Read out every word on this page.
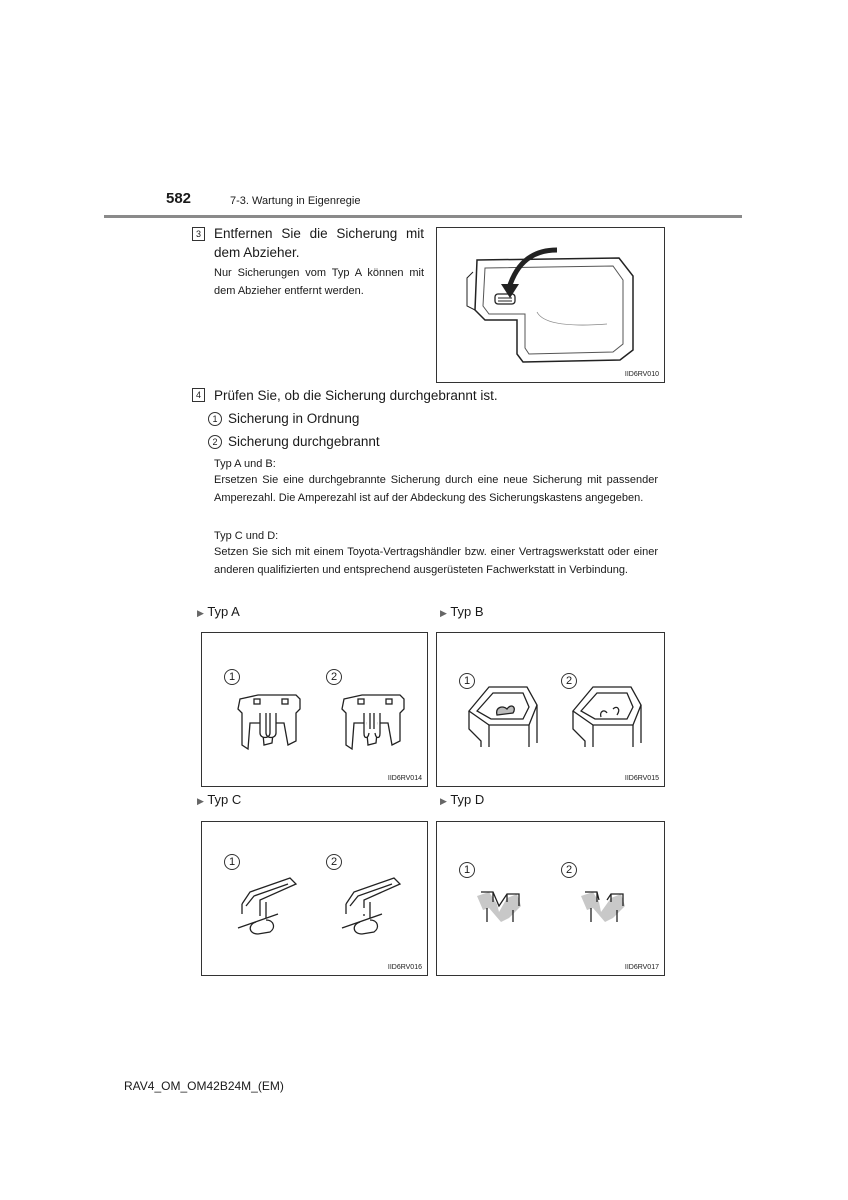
582	7-3. Wartung in Eigenregie
3 Entfernen Sie die Sicherung mit dem Abzieher.
Nur Sicherungen vom Typ A können mit dem Abzieher entfernt werden.
IID6RV010
4 Prüfen Sie, ob die Sicherung durchgebrannt ist.
1 Sicherung in Ordnung
2 Sicherung durchgebrannt
Typ A und B:
Ersetzen Sie eine durchgebrannte Sicherung durch eine neue Sicherung mit passender Amperezahl. Die Amperezahl ist auf der Abdeckung des Sicherungskastens angegeben.
Typ C und D:
Setzen Sie sich mit einem Toyota-Vertragshändler bzw. einer Vertragswerkstatt oder einer anderen qualifizierten und entsprechend ausgerüsteten Fachwerkstatt in Verbindung.
▶ Typ A	▶ Typ B
▶ Typ C	▶ Typ D
1	2
IID6RV014
1	2
IID6RV015
1	2
IID6RV016
1	2
IID6RV017
RAV4_OM_OM42B24M_(EM)
